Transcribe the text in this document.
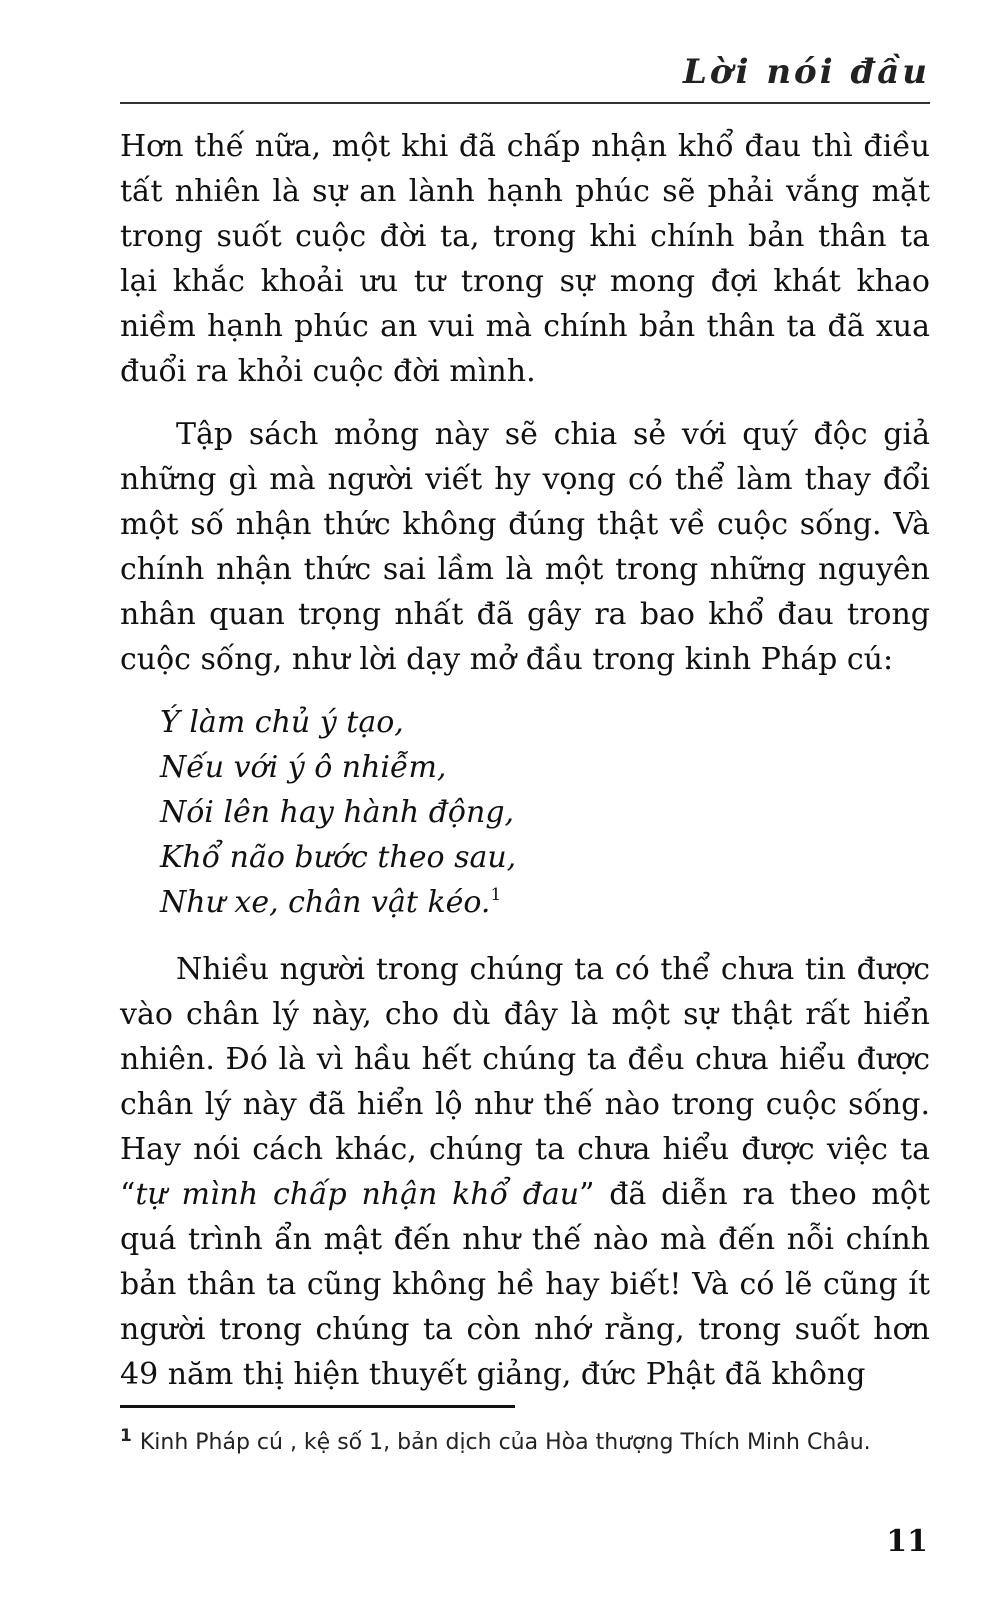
Lời nói đầu

Hơn thế nữa, một khi đã chấp nhận khổ đau thì điều tất nhiên là sự an lành hạnh phúc sẽ phải vắng mặt trong suốt cuộc đời ta, trong khi chính bản thân ta lại khắc khoải ưu tư trong sự mong đợi khát khao niềm hạnh phúc an vui mà chính bản thân ta đã xua đuổi ra khỏi cuộc đời mình.

Tập sách mỏng này sẽ chia sẻ với quý độc giả những gì mà người viết hy vọng có thể làm thay đổi một số nhận thức không đúng thật về cuộc sống. Và chính nhận thức sai lầm là một trong những nguyên nhân quan trọng nhất đã gây ra bao khổ đau trong cuộc sống, như lời dạy mở đầu trong kinh Pháp cú:

Ý làm chủ ý tạo,
Nếu với ý ô nhiễm,
Nói lên hay hành động,
Khổ não bước theo sau,
Như xe, chân vật kéo.$^1$

Nhiều người trong chúng ta có thể chưa tin được vào chân lý này, cho dù đây là một sự thật rất hiển nhiên. Đó là vì hầu hết chúng ta đều chưa hiểu được chân lý này đã hiển lộ như thế nào trong cuộc sống. Hay nói cách khác, chúng ta chưa hiểu được việc ta “tự mình chấp nhận khổ đau” đã diễn ra theo một quá trình ẩn mật đến như thế nào mà đến nỗi chính bản thân ta cũng không hề hay biết! Và có lẽ cũng ít người trong chúng ta còn nhớ rằng, trong suốt hơn 49 năm thị hiện thuyết giảng, đức Phật đã không

$^1$ Kinh Pháp cú , kệ số 1, bản dịch của Hòa thượng Thích Minh Châu.
11
